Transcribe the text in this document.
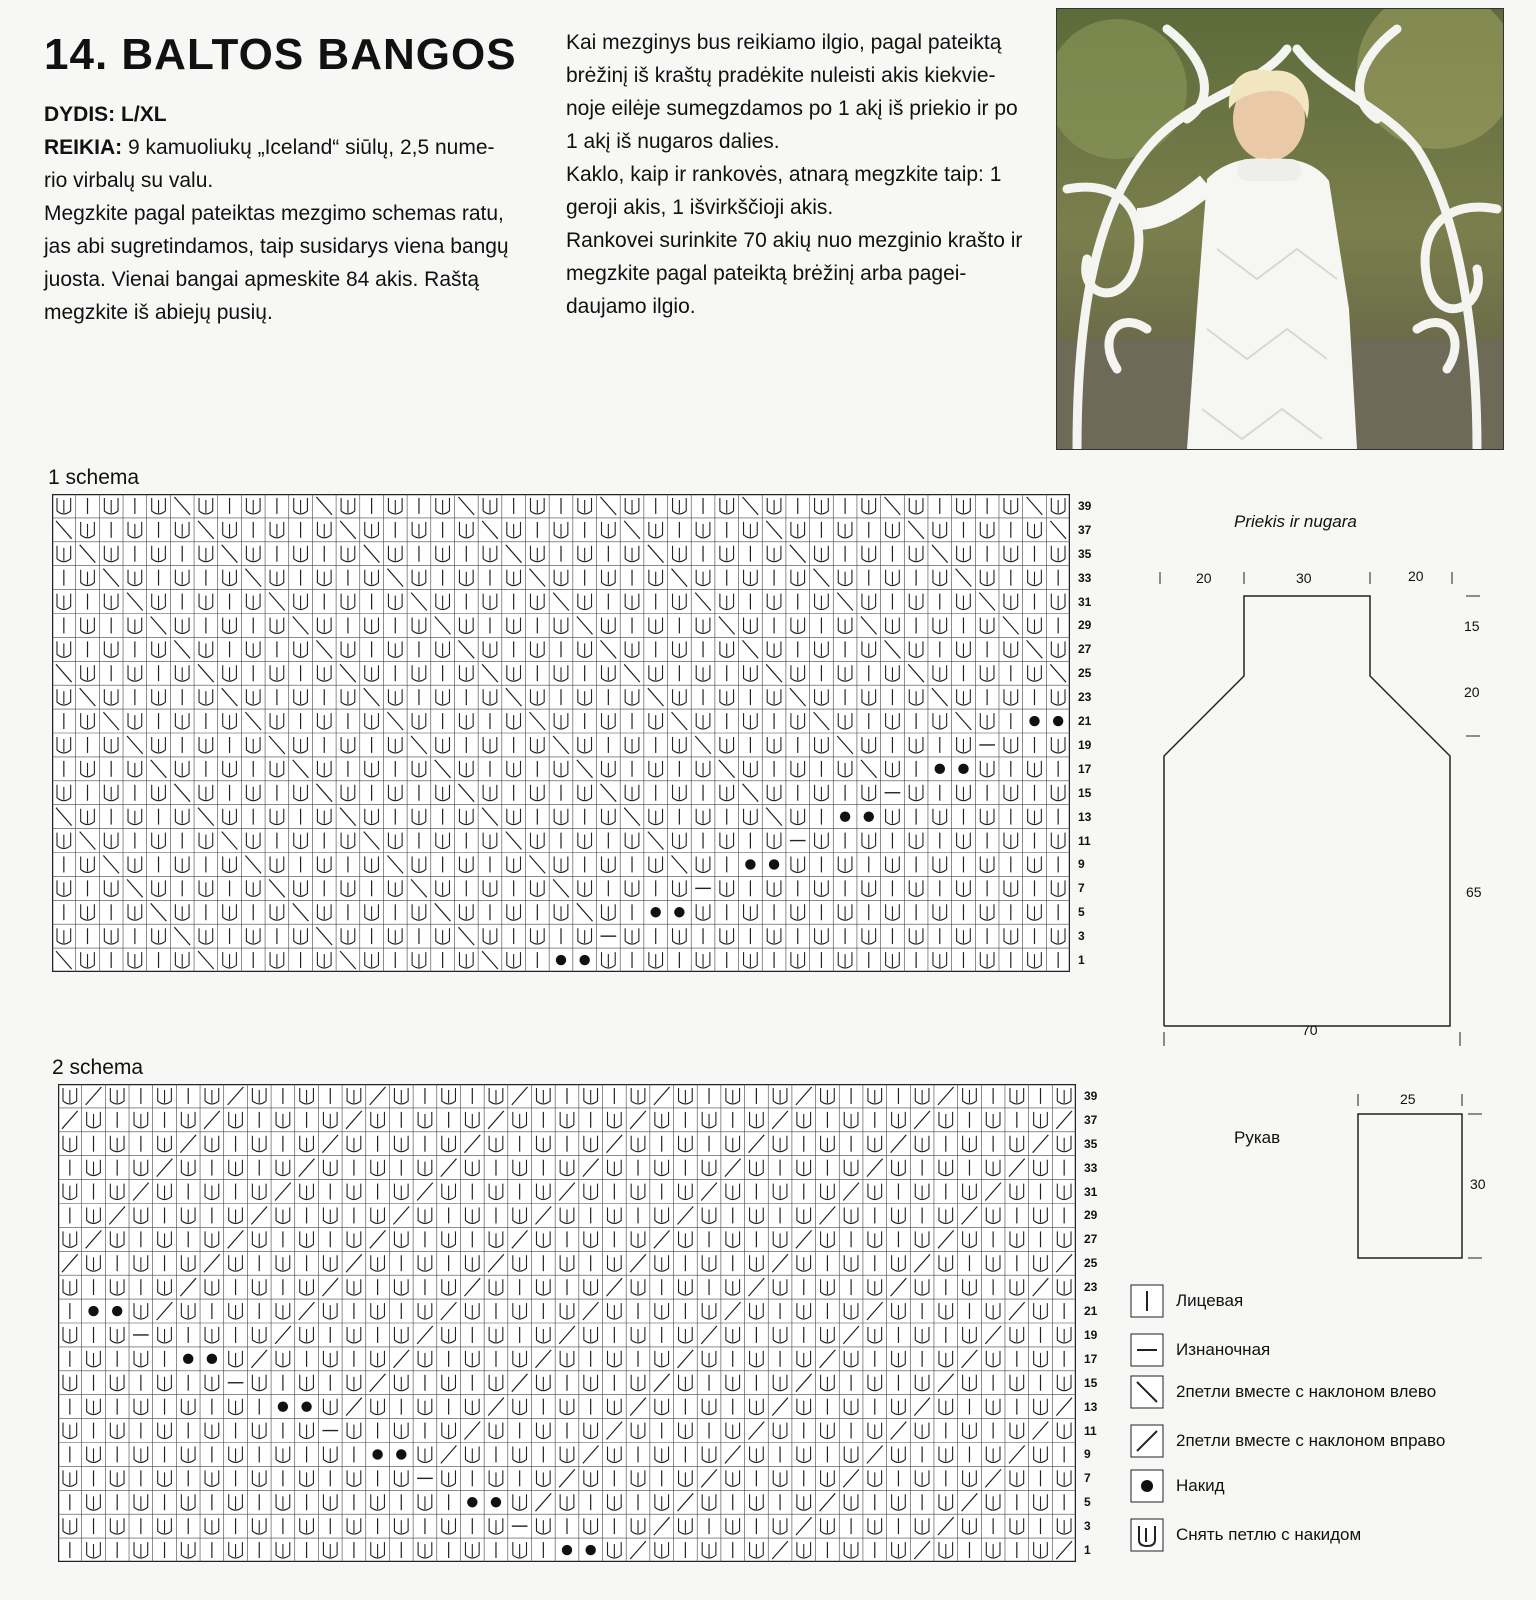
14. BALTOS BANGOS

DYDIS: L/XL

REIKIA: 9 kamuoliukų „Iceland“ siūlų, 2,5 nume-rio virbalų su valu.

Megzkite pagal pateiktas mezgimo schemas ratu, jas abi sugretindamos, taip susidarys viena bangų juosta. Vienai bangai apmeskite 84 akis. Raštą megzkite iš abiejų pusių.

Kai mezginys bus reikiamo ilgio, pagal pateiktą brėžinį iš kraštų pradėkite nuleisti akis kiekvie-noje eilėje sumegzdamos po 1 akį iš priekio ir po 1 akį iš nugaros dalies.

Kaklo, kaip ir rankovės, atnarą megzkite taip: 1 geroji akis, 1 išvirkščioji akis.

Rankovei surinkite 70 akių nuo mezginio krašto ir megzkite pagal pateiktą brėžinį arba pagei-daujamo ilgio.

1 schema
39
37
35
33
31
29
27
25
23
21
19
17
15
13
11
9
7
5
3
1
2 schema
39
37
35
33
31
29
27
25
23
21
19
17
15
13
11
9
7
5
3
1
Priekis ir nugara
20	30	20
15
20
65
70
Рукав
25
30
Лицевая
Изнаночная
2петли вместе с наклоном влево
2петли вместе с наклоном вправо
Накид
Снять петлю с накидом
